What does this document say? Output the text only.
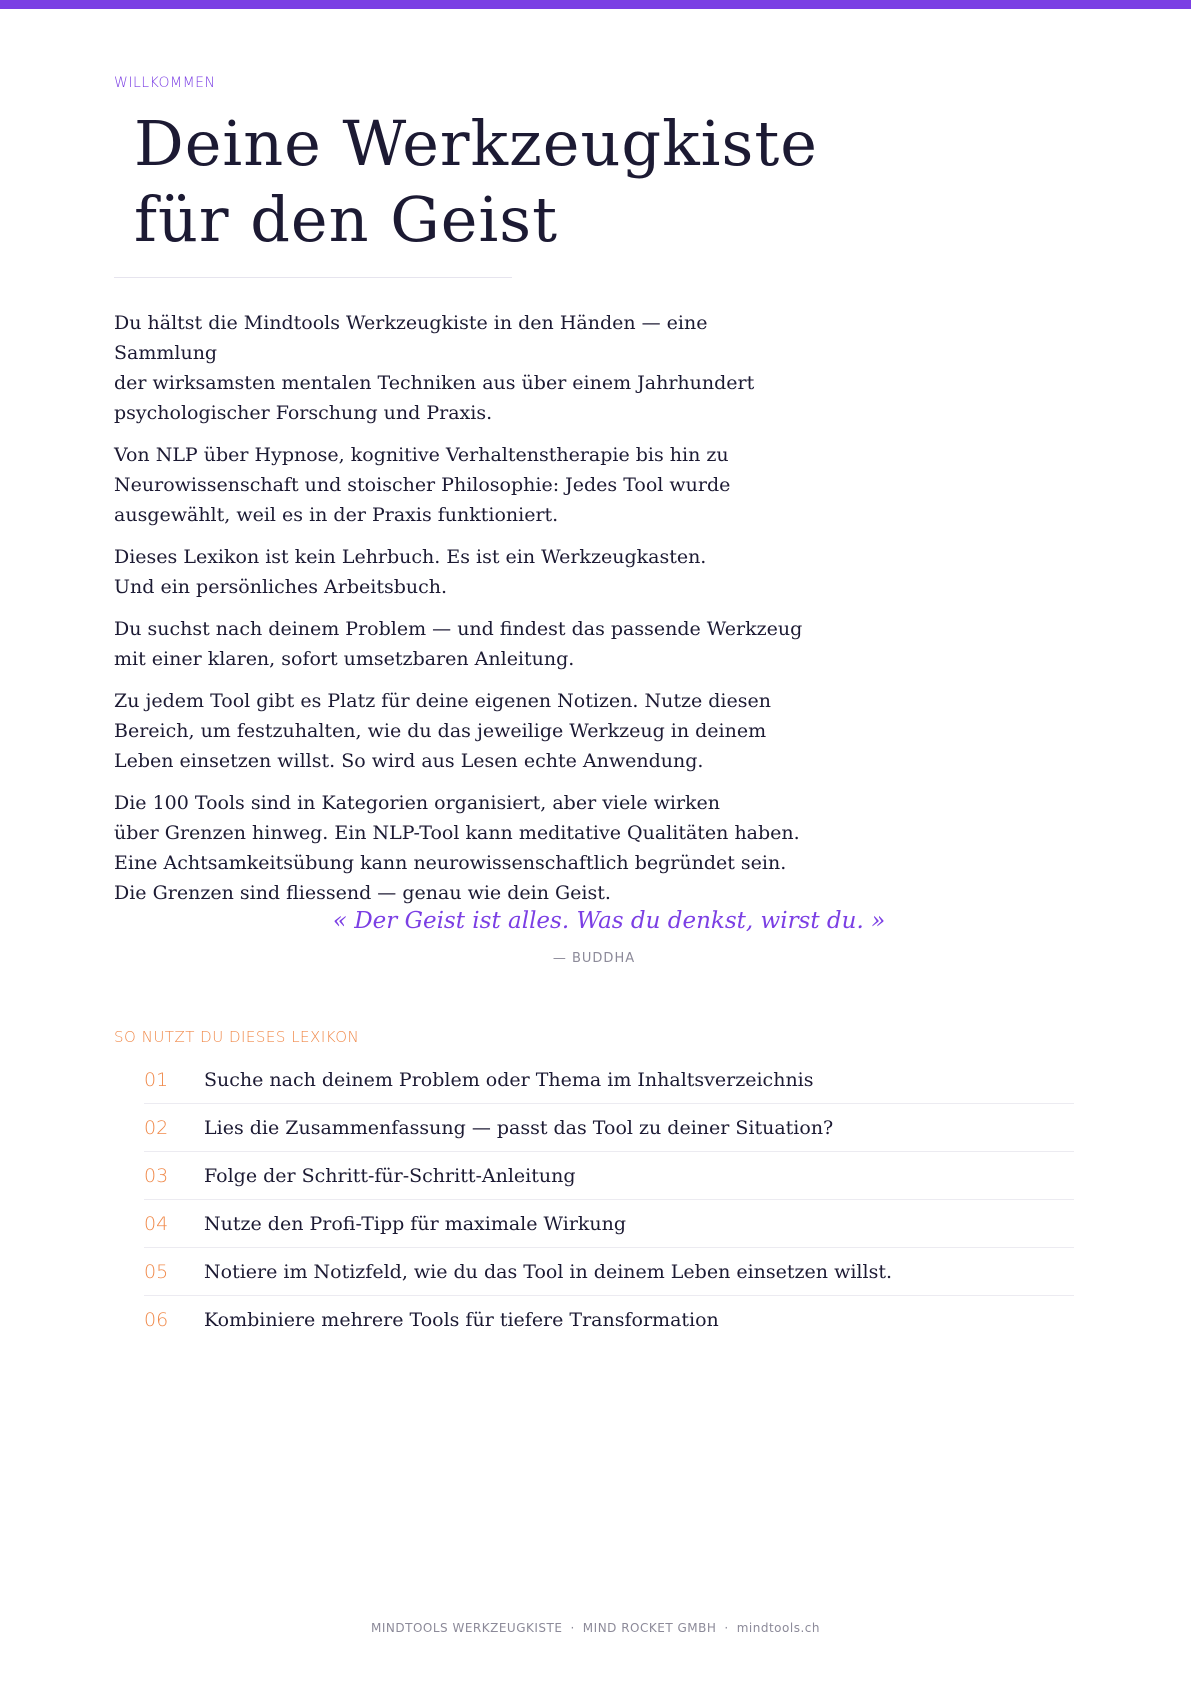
WILLKOMMEN
Deine Werkzeugkiste
für den Geist

Du hältst die Mindtools Werkzeugkiste in den Händen — eine Sammlung
der wirksamsten mentalen Techniken aus über einem Jahrhundert
psychologischer Forschung und Praxis.

Von NLP über Hypnose, kognitive Verhaltenstherapie bis hin zu
Neurowissenschaft und stoischer Philosophie: Jedes Tool wurde
ausgewählt, weil es in der Praxis funktioniert.

Dieses Lexikon ist kein Lehrbuch. Es ist ein Werkzeugkasten.
Und ein persönliches Arbeitsbuch.

Du suchst nach deinem Problem — und findest das passende Werkzeug
mit einer klaren, sofort umsetzbaren Anleitung.

Zu jedem Tool gibt es Platz für deine eigenen Notizen. Nutze diesen
Bereich, um festzuhalten, wie du das jeweilige Werkzeug in deinem
Leben einsetzen willst. So wird aus Lesen echte Anwendung.

Die 100 Tools sind in Kategorien organisiert, aber viele wirken
über Grenzen hinweg. Ein NLP-Tool kann meditative Qualitäten haben.
Eine Achtsamkeitsübung kann neurowissenschaftlich begründet sein.
Die Grenzen sind fliessend — genau wie dein Geist.

« Der Geist ist alles. Was du denkst, wirst du. »
— BUDDHA
SO NUTZT DU DIESES LEXIKON
01	Suche nach deinem Problem oder Thema im Inhaltsverzeichnis
02	Lies die Zusammenfassung — passt das Tool zu deiner Situation?
03	Folge der Schritt-für-Schritt-Anleitung
04	Nutze den Profi-Tipp für maximale Wirkung
05	Notiere im Notizfeld, wie du das Tool in deinem Leben einsetzen willst.
06	Kombiniere mehrere Tools für tiefere Transformation
MINDTOOLS WERKZEUGKISTE · MIND ROCKET GMBH · mindtools.ch
